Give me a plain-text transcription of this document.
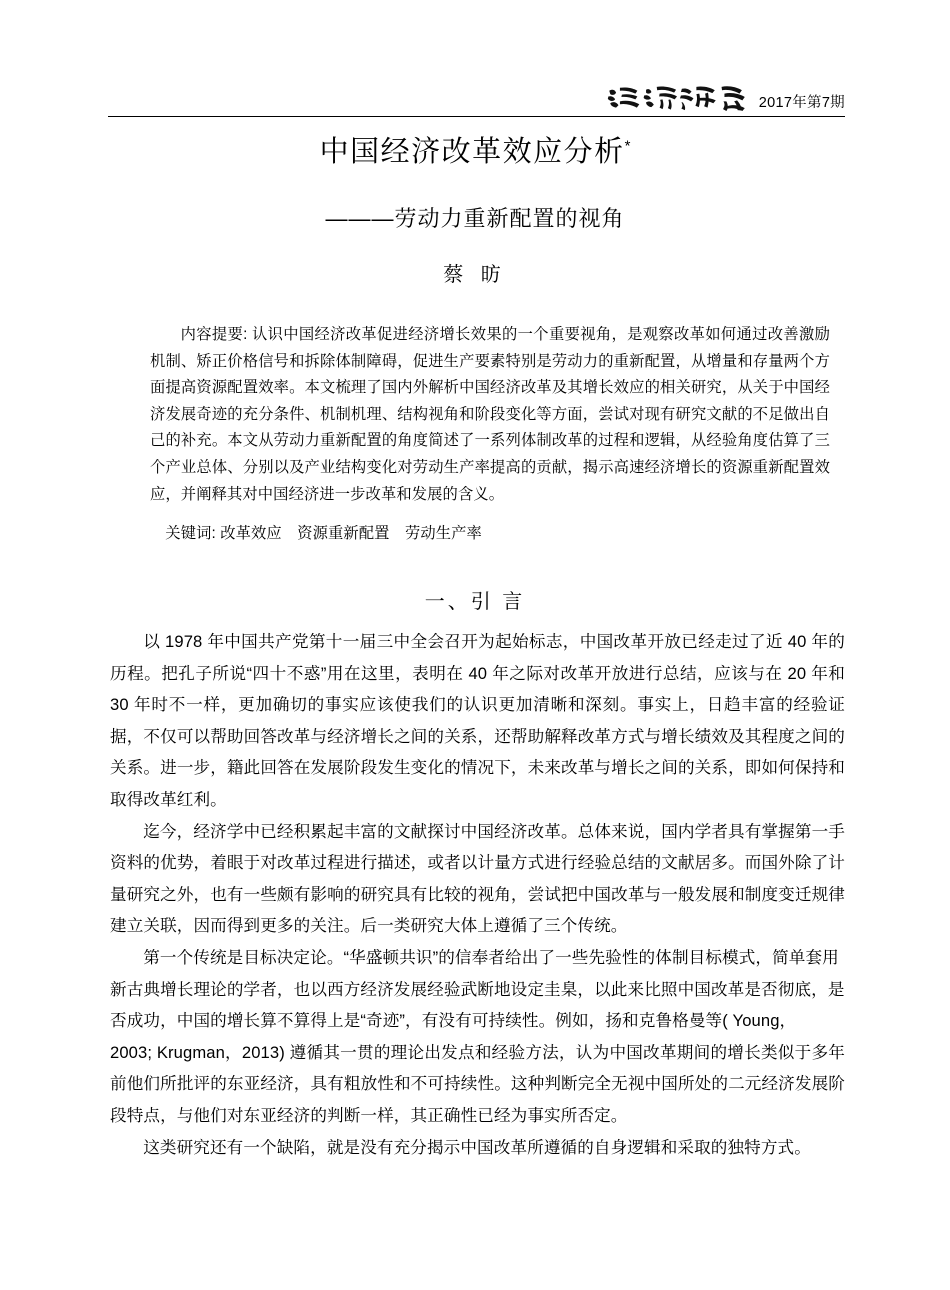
2017年第7期
中国经济改革效应分析*
———劳动力重新配置的视角
蔡 昉

内容提要: 认识中国经济改革促进经济增长效果的一个重要视角，是观察改革如何通过改善激励机制、矫正价格信号和拆除体制障碍，促进生产要素特别是劳动力的重新配置，从增量和存量两个方面提高资源配置效率。本文梳理了国内外解析中国经济改革及其增长效应的相关研究，从关于中国经济发展奇迹的充分条件、机制机理、结构视角和阶段变化等方面，尝试对现有研究文献的不足做出自己的补充。本文从劳动力重新配置的角度简述了一系列体制改革的过程和逻辑，从经验角度估算了三个产业总体、分别以及产业结构变化对劳动生产率提高的贡献，揭示高速经济增长的资源重新配置效应，并阐释其对中国经济进一步改革和发展的含义。

关键词: 改革效应　资源重新配置　劳动生产率
一、引 言

以 1978 年中国共产党第十一届三中全会召开为起始标志，中国改革开放已经走过了近 40 年的历程。把孔子所说“四十不惑”用在这里，表明在 40 年之际对改革开放进行总结，应该与在 20 年和 30 年时不一样，更加确切的事实应该使我们的认识更加清晰和深刻。事实上，日趋丰富的经验证据，不仅可以帮助回答改革与经济增长之间的关系，还帮助解释改革方式与增长绩效及其程度之间的关系。进一步，籍此回答在发展阶段发生变化的情况下，未来改革与增长之间的关系，即如何保持和取得改革红利。

迄今，经济学中已经积累起丰富的文献探讨中国经济改革。总体来说，国内学者具有掌握第一手资料的优势，着眼于对改革过程进行描述，或者以计量方式进行经验总结的文献居多。而国外除了计量研究之外，也有一些颇有影响的研究具有比较的视角，尝试把中国改革与一般发展和制度变迁规律建立关联，因而得到更多的关注。后一类研究大体上遵循了三个传统。

第一个传统是目标决定论。“华盛顿共识”的信奉者给出了一些先验性的体制目标模式，简单套用新古典增长理论的学者，也以西方经济发展经验武断地设定圭臬，以此来比照中国改革是否彻底，是否成功，中国的增长算不算得上是“奇迹”，有没有可持续性。例如，扬和克鲁格曼等( Young，

2003; Krugman，2013) 遵循其一贯的理论出发点和经验方法，认为中国改革期间的增长类似于多年前他们所批评的东亚经济，具有粗放性和不可持续性。这种判断完全无视中国所处的二元经济发展阶段特点，与他们对东亚经济的判断一样，其正确性已经为事实所否定。

这类研究还有一个缺陷，就是没有充分揭示中国改革所遵循的自身逻辑和采取的独特方式。
